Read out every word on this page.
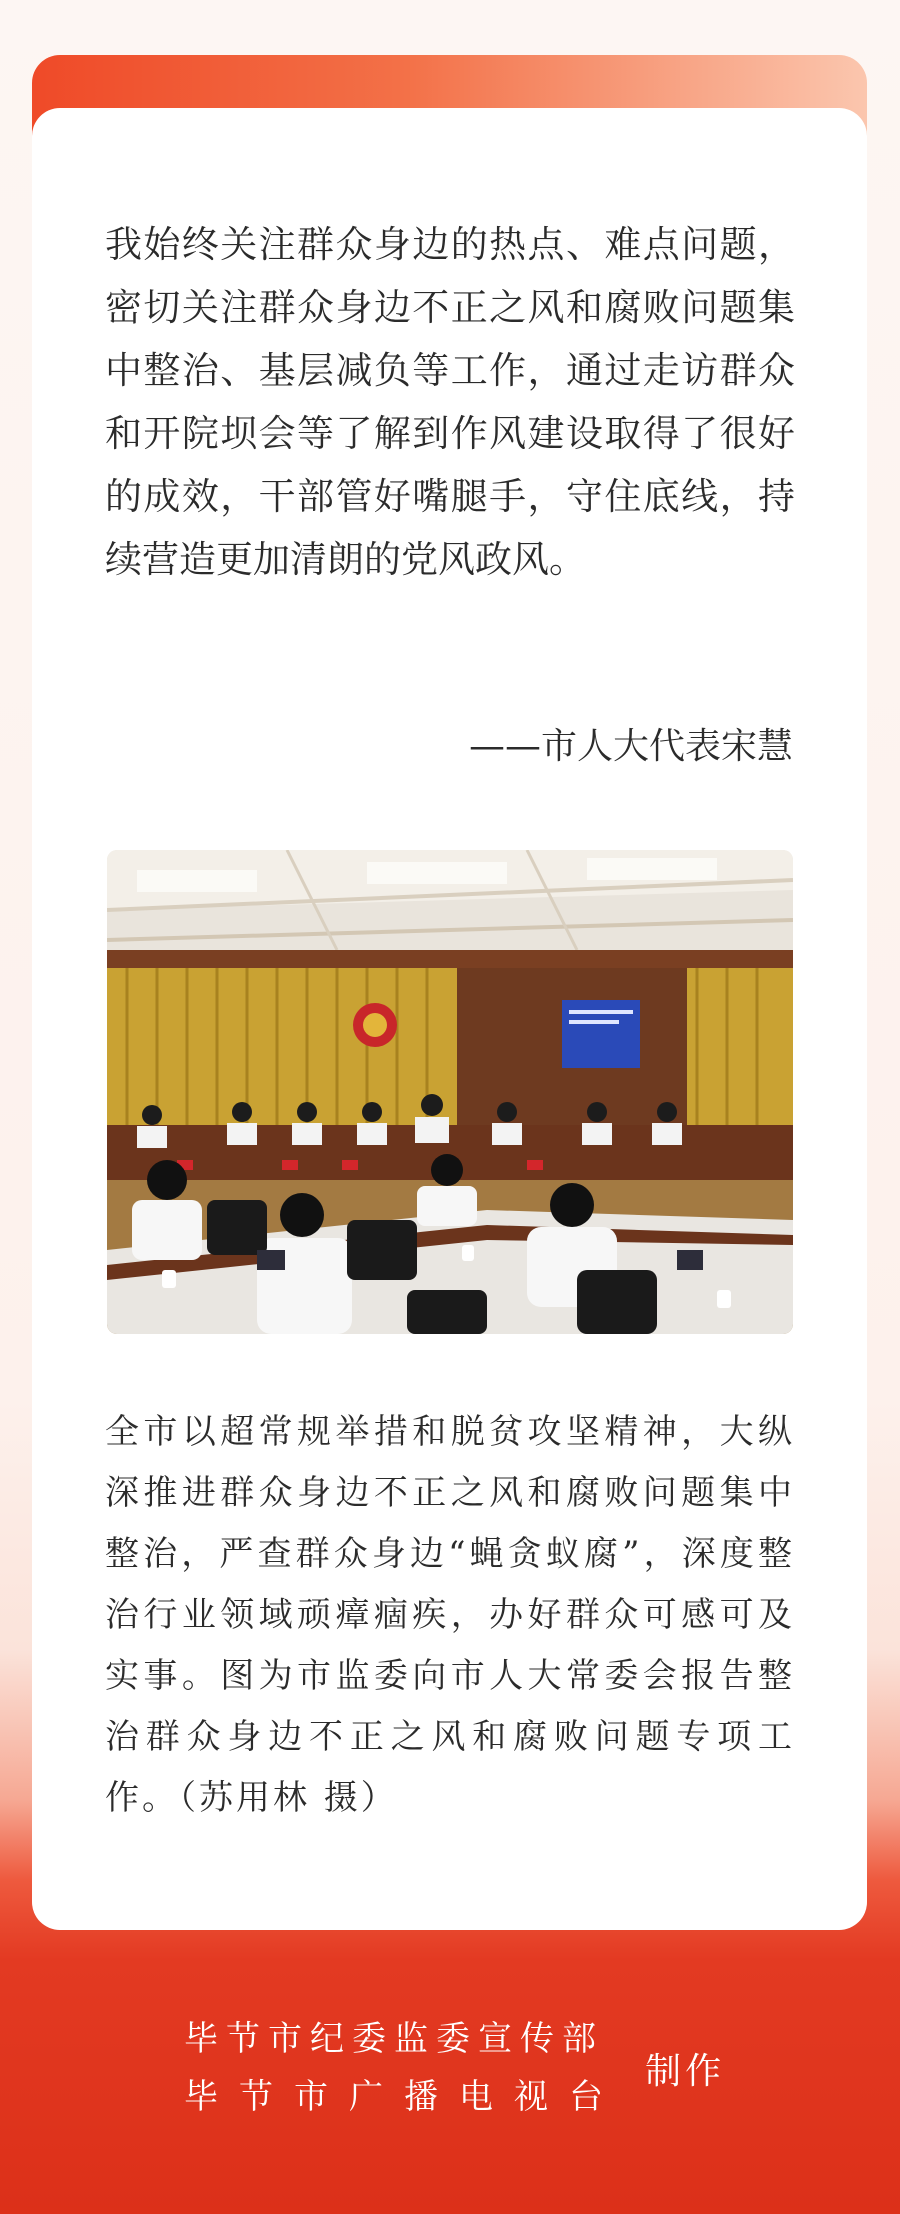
我始终关注群众身边的热点、难点问题，密切关注群众身边不正之风和腐败问题集中整治、基层减负等工作，通过走访群众和开院坝会等了解到作风建设取得了很好的成效，干部管好嘴腿手，守住底线，持续营造更加清朗的党风政风。

——市人大代表宋慧

全市以超常规举措和脱贫攻坚精神，大纵深推进群众身边不正之风和腐败问题集中整治，严查群众身边“蝇贪蚁腐”，深度整治行业领域顽瘴痼疾，办好群众可感可及实事。图为市监委向市人大常委会报告整治群众身边不正之风和腐败问题专项工作。（苏用林 摄）

毕节市纪委监委宣传部
毕节市广播电视台
制作
